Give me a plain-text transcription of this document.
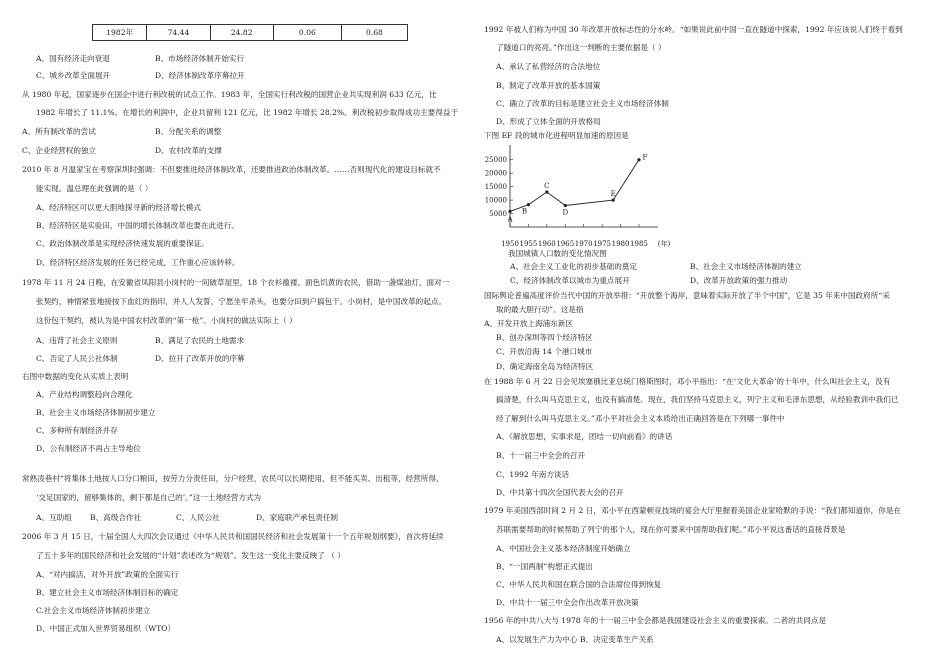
1982年	74.44	24.82	0.06	0.68
A、国有经济走向衰退	B、市场经济体制开始实行
C、城乡改革全面展开	D、经济体制改革序幕拉开
从 1980 年起，国家逐步在国企中进行利改税的试点工作。1983 年，全国实行利改税的国营企业共实现利润 633 亿元，比
1982 年增长了 11.1%。在增长的利润中，企业共留利 121 亿元，比 1982 年增长 28.2%。利改税初步取得成功主要得益于
A、所有制改革的尝试	B、分配关系的调整
C、企业经营权的独立	D、农村改革的支撑
2010 年 8 月温家宝在考察深圳时强调：不但要推进经济体制改革，还要推进政治体制改革。……否则现代化的建设目标就不
能实现。温总理在此强调的是（ ）
A、经济特区可以更大胆地探寻新的经济增长模式
B、经济特区是实验田，中国的增长体制改革也要在此进行。
C、政治体制改革是实现经济快速发展的重要保证。
D、经济特区经济发展的任务已经完成，工作重心应该转移。
1978 年 11 月 24 日晚，在安徽省凤阳县小岗村的一间破草屋里，18 个衣衫褴褛、面色饥黄的农民，借助一盏煤油灯，面对一
张契约，神情紧张地接按下血红的指印，并人人发誓，宁愿坐牢杀头，也要分田到户搞包干。小岗村，是中国改革的起点。
这份包干契约，被认为是中国农村改革的“第一枪”。小岗村的做法实际上（ ）
A、违背了社会主义原则	B、满足了农民的土地需求
C、否定了人民公社体制	D、拉开了改革开放的序幕
右图中数据的变化从实质上表明
A、产业结构调整趋向合理化
B、社会主义市场经济体制初步建立
C、多种所有制经济并存
D、公有制经济不再占主导地位
常熟凌巷村“将集体土地按人口分口粮田，按劳力分责任田，分户经营，农民可以长期使用，但不能买卖、出租等，经营所得，
‘交足国家的，留够集体的，剩下都是自己的’。”这一土地经营方式为
A、互助组 B、高级合作社	C、人民公社	D、家庭联产承包责任制
2006 年 3 月 15 日，十届全国人大四次会议通过《中华人民共和国国民经济和社会发展第十一个五年规划纲要》，首次将延续
了五十多年的国民经济和社会发展的“计划”表述改为“规划”。发生这一变化主要反映了 （ ）
A、“对内搞活，对外开放”政策的全面实行
B、建立社会主义市场经济体制目标的确定
C.社会主义市场经济体制初步建立
D、中国正式加入世界贸易组织（WTO）
1992 年被人们称为中国 30 年改革开放标志性的分水岭。“如果说此前中国一直在隧道中探索，1992 年应该说人们终于看到
了隧道口的亮亮。”作出这一判断的主要依据是（ ）
A、承认了私营经济的合法地位
B、制定了改革开放的基本国策
C、确立了改革的目标是建立社会主义市场经济体制
D、形成了立体全面的开放格局
下图 EF 段的城市化进程明显加速的原因是
我国城镇人口数的变化情况图
A、社会主义工业化的初步基础的奠定	B、社会主义市场经济体制的建立
C、经济体制改革以城市为重点展开	D、改革开放政策的强力推动
国际舆论普遍高度评价当代中国的开放举措：“开放整个海岸，意味着实际开放了半个中国”，它是 35 年来中国政府所“采
取的最大胆行动”。这是指
A、开发开放上海浦东新区
B、创办深圳等四个经济特区
C、开放沿海 14 个港口城市
D、确定海南全岛为经济特区
在 1988 年 6 月 22 日会见埃塞俄比亚总统门格斯图时，邓小平指出：“在‘文化大革命’的十年中，什么叫社会主义，没有
搞清楚，什么叫马克思主义，也没有搞清楚。现在，我们坚持马克思主义，列宁主义和毛泽东思想，从经验教训中我们已
经了解到什么叫马克思主义。”邓小平对社会主义本质给出正确回答是在下列哪一事件中
A、《解放思想，实事求是，团结一切向前看》的讲话
B、十一届三中全会的召开
C、1992 年南方谈话
D、中共第十四次全国代表大会的召开
1979 年美国西部时间 2 月 2 日，邓小平在西蒙顿竞技场的宴会大厅里握着美国企业家哈默的手说：“我们都知道你，你是在
苏联需要帮助的时候帮助了列宁的那个人，现在你可要来中国帮助我们呢。”邓小平说这番话的直接背景是
A、中国社会主义基本经济制度开始确立
B、“一国两制”构想正式提出
C、中华人民共和国在联合国的合法席位得到恢复
D、中共十一届三中全会作出改革开放决策
1956 年的中共八大与 1978 年的十一届三中全会都是我国建设社会主义的重要探索。二者的共同点是
A、以发展生产力为中心 B、决定变革生产关系
5000
10000
15000
20000
25000
1950 1955 1960 1965 1970 1975 1980 1985 (年)
A
B
C
D
E
F
